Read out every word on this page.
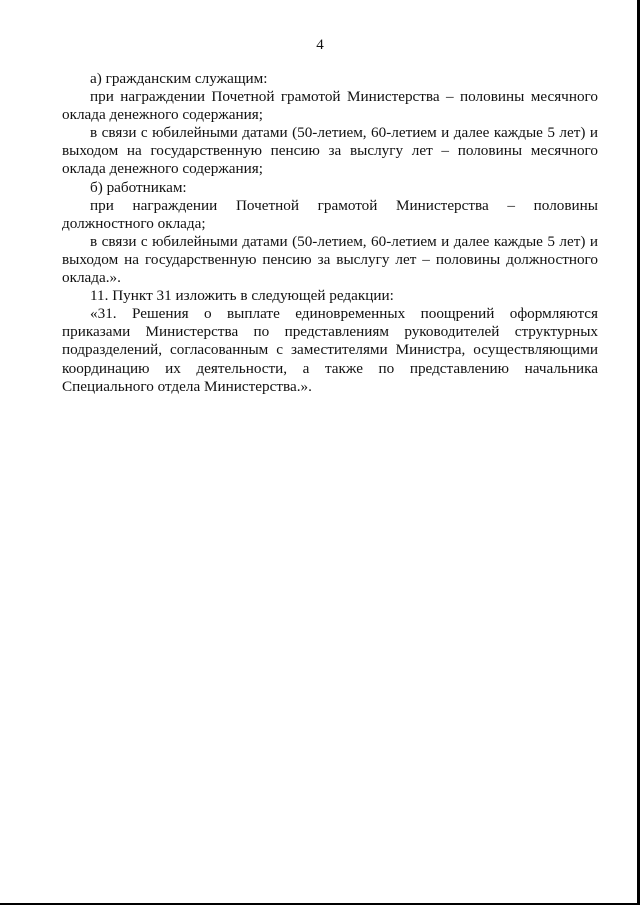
4

а) гражданским служащим:

при награждении Почетной грамотой Министерства – половины месячного оклада денежного содержания;

в связи с юбилейными датами (50-летием, 60-летием и далее каждые 5 лет) и выходом на государственную пенсию за выслугу лет – половины месячного оклада денежного содержания;

б) работникам:

при награждении Почетной грамотой Министерства – половины должностного оклада;

в связи с юбилейными датами (50-летием, 60-летием и далее каждые 5 лет) и выходом на государственную пенсию за выслугу лет – половины должностного оклада.».

11. Пункт 31 изложить в следующей редакции:

«31. Решения о выплате единовременных поощрений оформляются приказами Министерства по представлениям руководителей структурных подразделений, согласованным с заместителями Министра, осуществляющими координацию их деятельности, а также по представлению начальника Специального отдела Министерства.».
